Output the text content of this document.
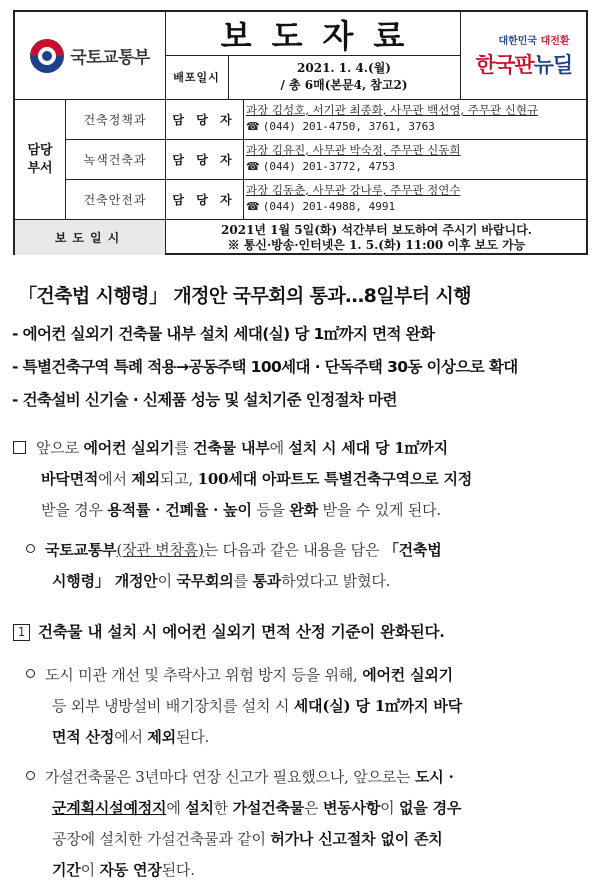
국토교통부
보도자료
배포일시
2021. 1. 4.(월)
/ 총 6매(본문4, 참고2)
대한민국 대전환
한국판뉴딜
담당 부서
건축정책과	담 당 자
과장 김성호, 서기관 최종화, 사무관 백선영, 주무관 신현규
☎ (044) 201-4750, 3761, 3763
녹색건축과	담 당 자
과장 김유진, 사무관 박숙정, 주무관 신동희
☎ (044) 201-3772, 4753
건축안전과	담 당 자
과장 김동춘, 사무관 강나루, 주무관 정연수
☎ (044) 201-4988, 4991
보도일시
2021년 1월 5일(화) 석간부터 보도하여 주시기 바랍니다.
※ 통신·방송·인터넷은 1. 5.(화) 11:00 이후 보도 가능
「건축법 시행령」 개정안 국무회의 통과…8일부터 시행
- 에어컨 실외기 건축물 내부 설치 세대(실) 당 1㎡까지 면적 완화
- 특별건축구역 특례 적용→공동주택 100세대 · 단독주택 30동 이상으로 확대
- 건축설비 신기술 · 신제품 성능 및 설치기준 인정절차 마련
앞으로 에어컨 실외기를 건축물 내부에 설치 시 세대 당 1㎡까지
바닥면적에서 제외되고, 100세대 아파트도 특별건축구역으로 지정
받을 경우 용적률 · 건폐율 · 높이 등을 완화 받을 수 있게 된다.
국토교통부(장관 변창흠)는 다음과 같은 내용을 담은 「건축법
시행령」 개정안이 국무회의를 통과하였다고 밝혔다.
1 건축물 내 설치 시 에어컨 실외기 면적 산정 기준이 완화된다.
도시 미관 개선 및 추락사고 위험 방지 등을 위해, 에어컨 실외기
등 외부 냉방설비 배기장치를 설치 시 세대(실) 당 1㎡까지 바닥
면적 산정에서 제외된다.
가설건축물은 3년마다 연장 신고가 필요했으나, 앞으로는 도시 ·
군계획시설예정지에 설치한 가설건축물은 변동사항이 없을 경우
공장에 설치한 가설건축물과 같이 허가나 신고절차 없이 존치
기간이 자동 연장된다.
